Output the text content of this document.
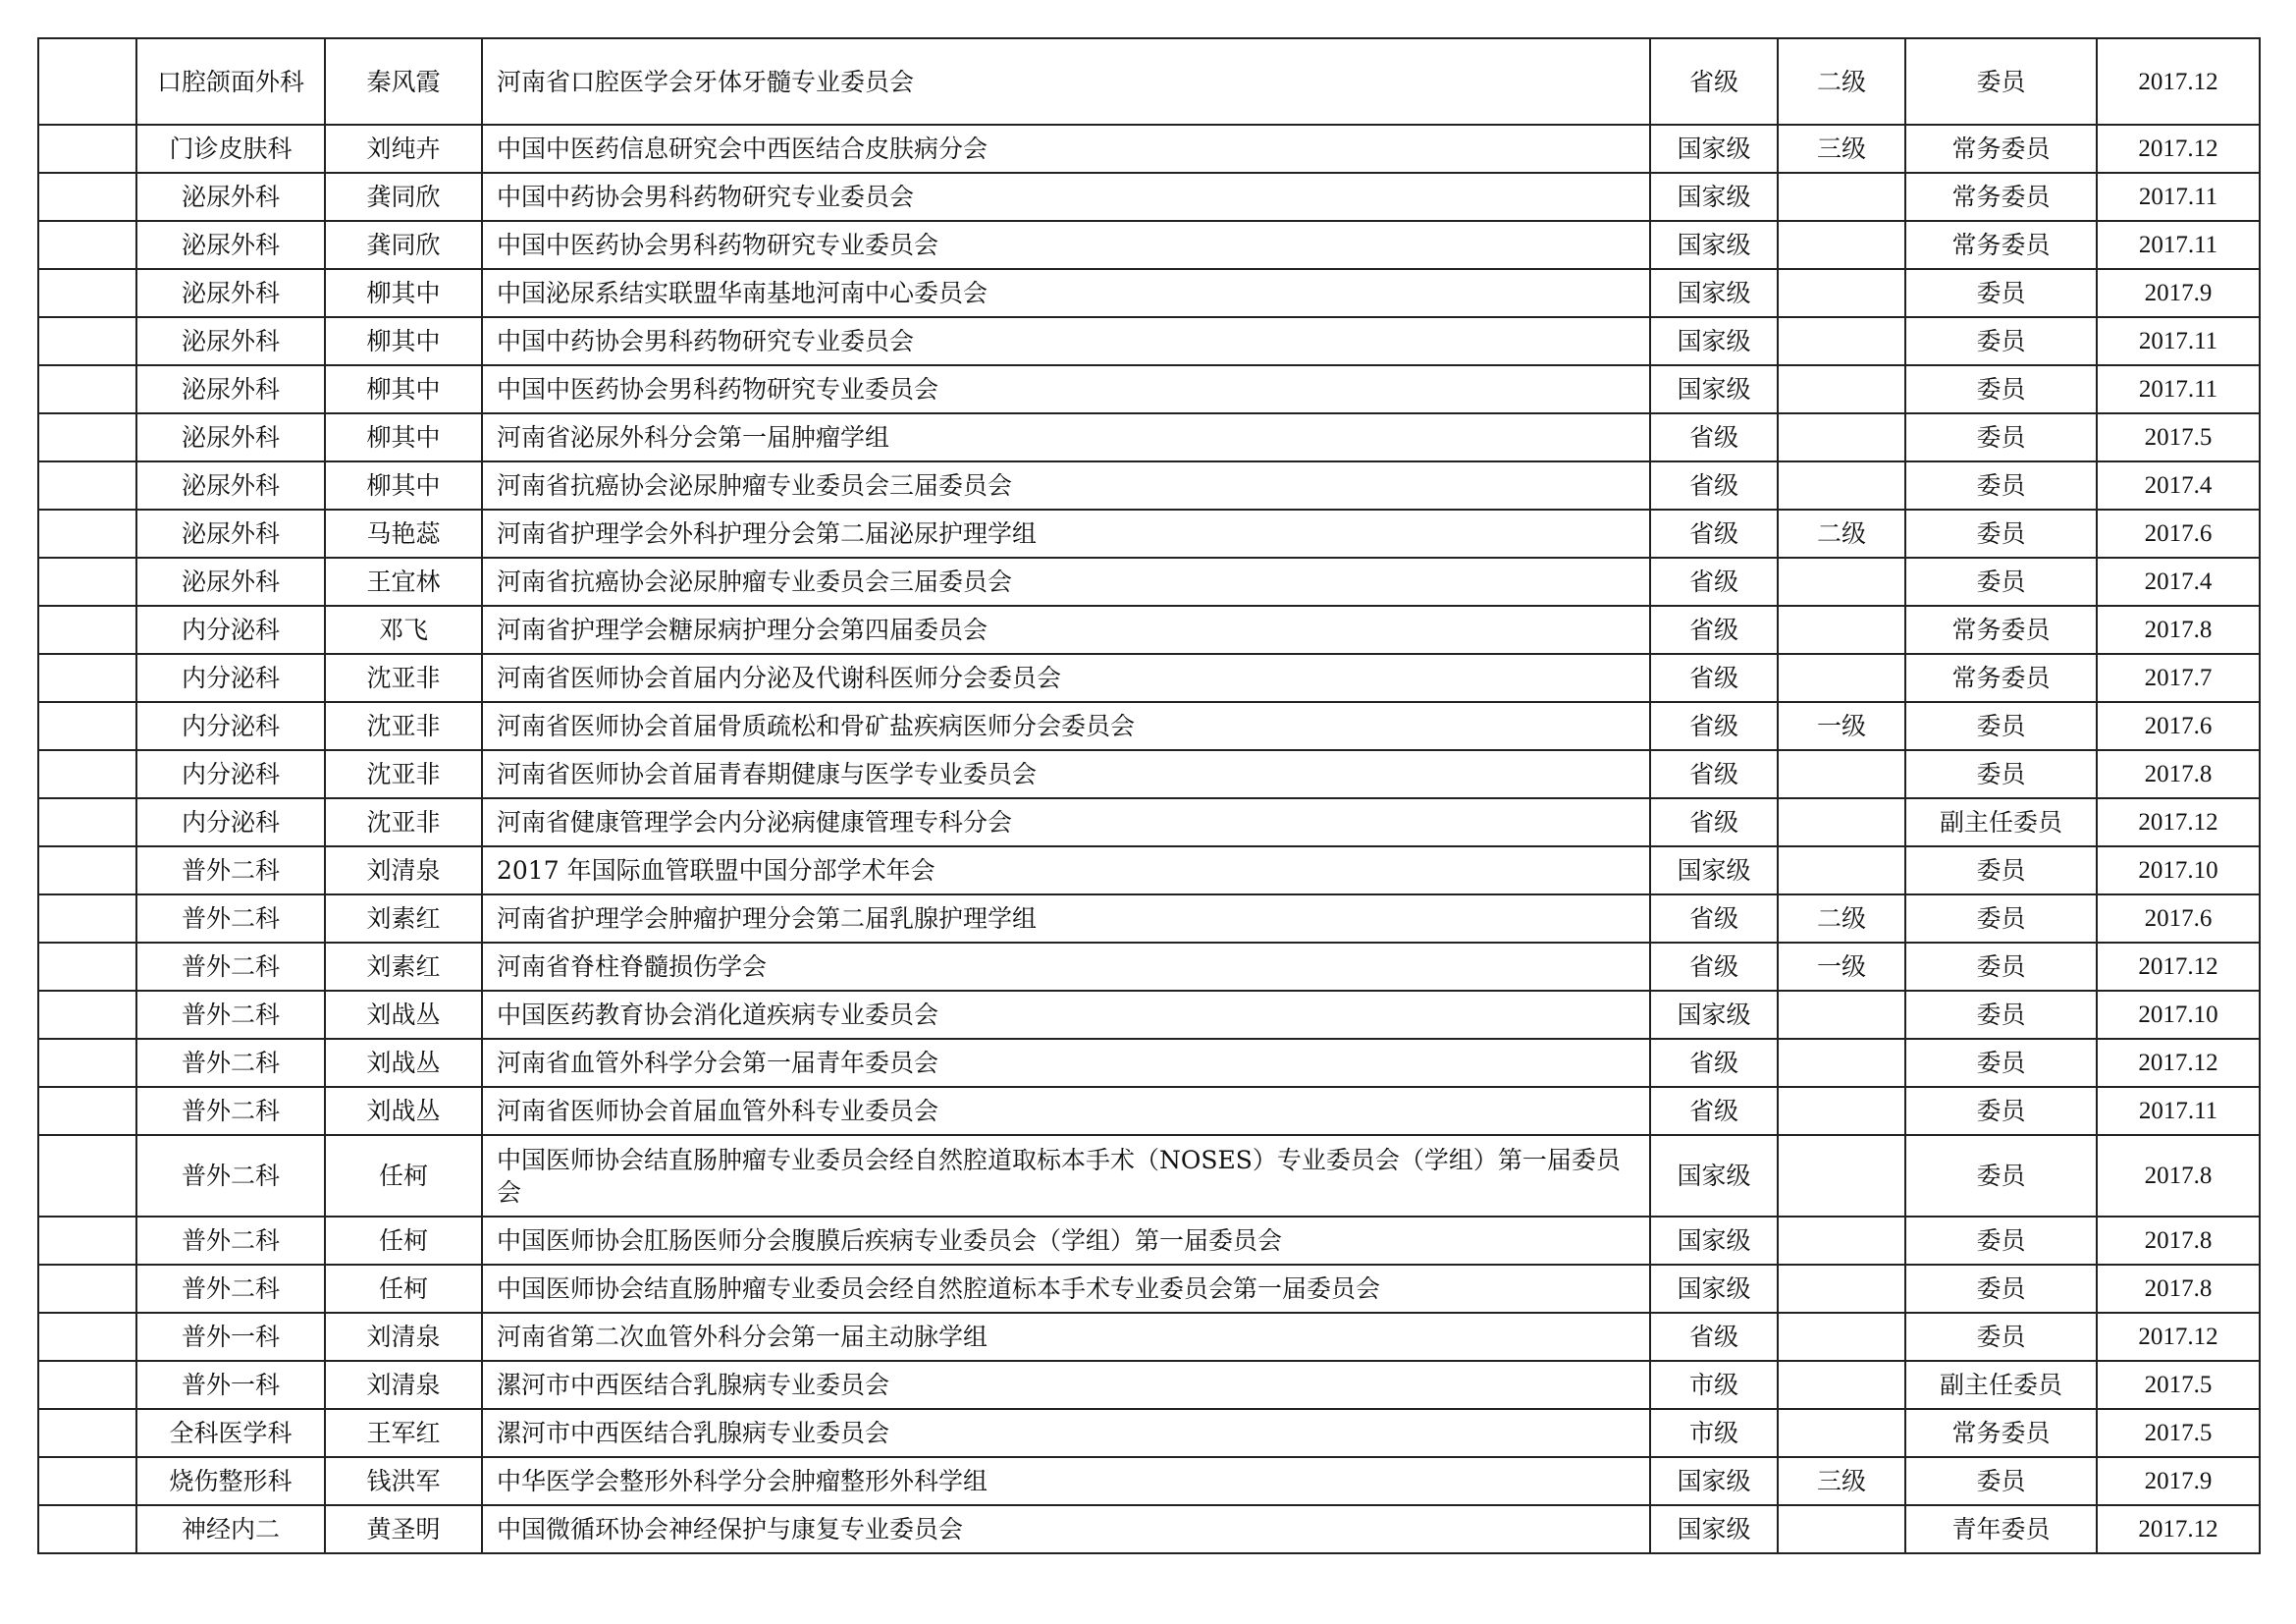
	口腔颌面外科	秦风霞	河南省口腔医学会牙体牙髓专业委员会	省级	二级	委员	2017.12
	门诊皮肤科	刘纯卉	中国中医药信息研究会中西医结合皮肤病分会	国家级	三级	常务委员	2017.12
	泌尿外科	龚同欣	中国中药协会男科药物研究专业委员会	国家级		常务委员	2017.11
	泌尿外科	龚同欣	中国中医药协会男科药物研究专业委员会	国家级		常务委员	2017.11
	泌尿外科	柳其中	中国泌尿系结实联盟华南基地河南中心委员会	国家级		委员	2017.9
	泌尿外科	柳其中	中国中药协会男科药物研究专业委员会	国家级		委员	2017.11
	泌尿外科	柳其中	中国中医药协会男科药物研究专业委员会	国家级		委员	2017.11
	泌尿外科	柳其中	河南省泌尿外科分会第一届肿瘤学组	省级		委员	2017.5
	泌尿外科	柳其中	河南省抗癌协会泌尿肿瘤专业委员会三届委员会	省级		委员	2017.4
	泌尿外科	马艳蕊	河南省护理学会外科护理分会第二届泌尿护理学组	省级	二级	委员	2017.6
	泌尿外科	王宜林	河南省抗癌协会泌尿肿瘤专业委员会三届委员会	省级		委员	2017.4
	内分泌科	邓飞	河南省护理学会糖尿病护理分会第四届委员会	省级		常务委员	2017.8
	内分泌科	沈亚非	河南省医师协会首届内分泌及代谢科医师分会委员会	省级		常务委员	2017.7
	内分泌科	沈亚非	河南省医师协会首届骨质疏松和骨矿盐疾病医师分会委员会	省级	一级	委员	2017.6
	内分泌科	沈亚非	河南省医师协会首届青春期健康与医学专业委员会	省级		委员	2017.8
	内分泌科	沈亚非	河南省健康管理学会内分泌病健康管理专科分会	省级		副主任委员	2017.12
	普外二科	刘清泉	2017 年国际血管联盟中国分部学术年会	国家级		委员	2017.10
	普外二科	刘素红	河南省护理学会肿瘤护理分会第二届乳腺护理学组	省级	二级	委员	2017.6
	普外二科	刘素红	河南省脊柱脊髓损伤学会	省级	一级	委员	2017.12
	普外二科	刘战丛	中国医药教育协会消化道疾病专业委员会	国家级		委员	2017.10
	普外二科	刘战丛	河南省血管外科学分会第一届青年委员会	省级		委员	2017.12
	普外二科	刘战丛	河南省医师协会首届血管外科专业委员会	省级		委员	2017.11
	普外二科	任柯	中国医师协会结直肠肿瘤专业委员会经自然腔道取标本手术（NOSES）专业委员会（学组）第一届委员会	国家级		委员	2017.8
	普外二科	任柯	中国医师协会肛肠医师分会腹膜后疾病专业委员会（学组）第一届委员会	国家级		委员	2017.8
	普外二科	任柯	中国医师协会结直肠肿瘤专业委员会经自然腔道标本手术专业委员会第一届委员会	国家级		委员	2017.8
	普外一科	刘清泉	河南省第二次血管外科分会第一届主动脉学组	省级		委员	2017.12
	普外一科	刘清泉	漯河市中西医结合乳腺病专业委员会	市级		副主任委员	2017.5
	全科医学科	王军红	漯河市中西医结合乳腺病专业委员会	市级		常务委员	2017.5
	烧伤整形科	钱洪军	中华医学会整形外科学分会肿瘤整形外科学组	国家级	三级	委员	2017.9
	神经内二	黄圣明	中国微循环协会神经保护与康复专业委员会	国家级		青年委员	2017.12
